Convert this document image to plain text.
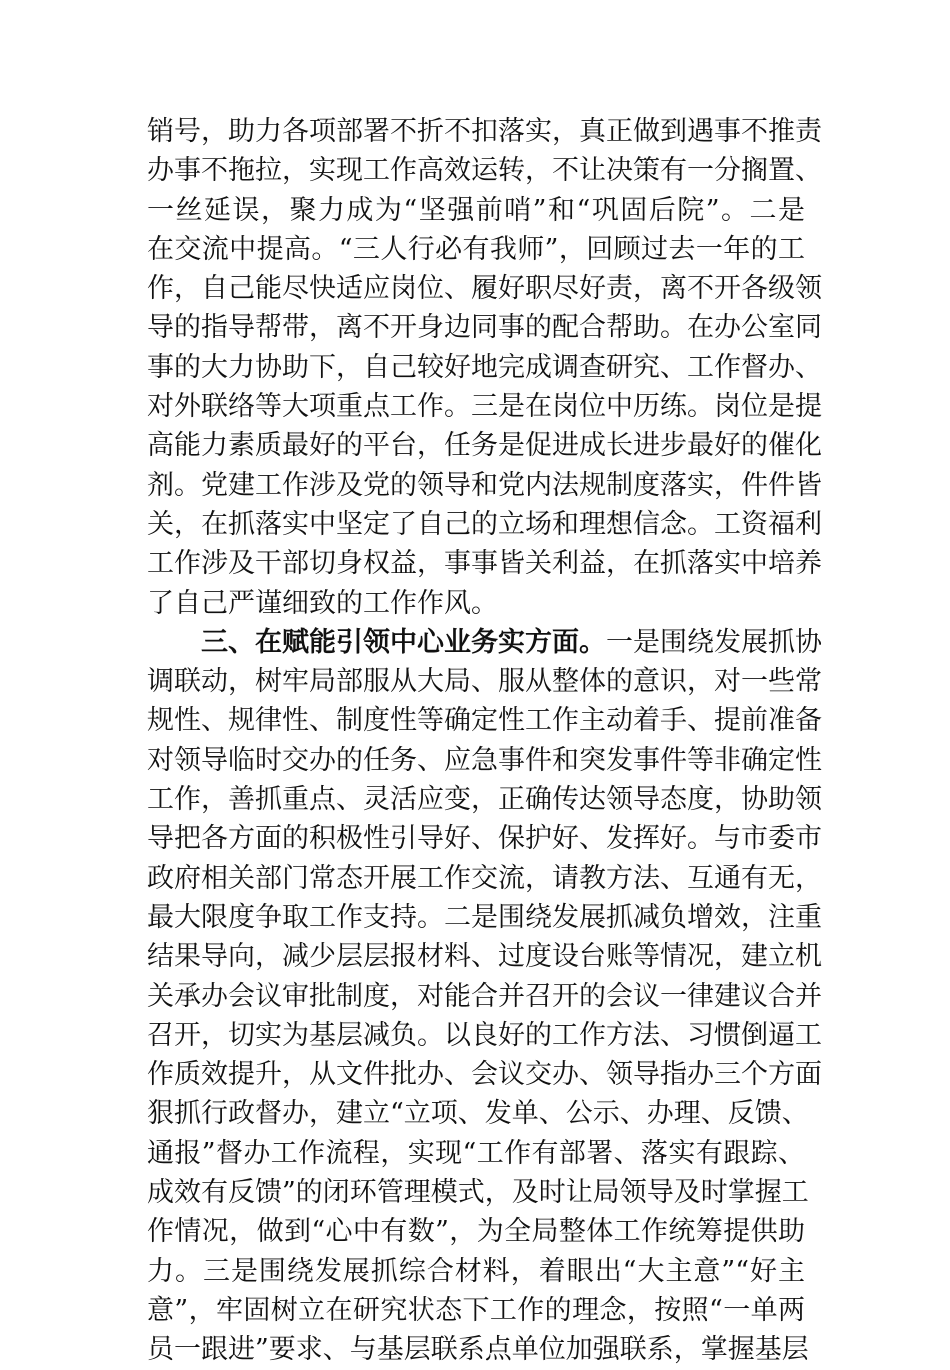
销号，助力各项部署不折不扣落实，真正做到遇事不推责
办事不拖拉，实现工作高效运转，不让决策有一分搁置、
一丝延误，聚力成为“坚强前哨”和“巩固后院”。二是
在交流中提高。“三人行必有我师”，回顾过去一年的工
作，自己能尽快适应岗位、履好职尽好责，离不开各级领
导的指导帮带，离不开身边同事的配合帮助。在办公室同
事的大力协助下，自己较好地完成调查研究、工作督办、
对外联络等大项重点工作。三是在岗位中历练。岗位是提
高能力素质最好的平台，任务是促进成长进步最好的催化
剂。党建工作涉及党的领导和党内法规制度落实，件件皆
关，在抓落实中坚定了自己的立场和理想信念。工资福利
工作涉及干部切身权益，事事皆关利益，在抓落实中培养
了自己严谨细致的工作作风。
三、在赋能引领中心业务实方面。一是围绕发展抓协
调联动，树牢局部服从大局、服从整体的意识，对一些常
规性、规律性、制度性等确定性工作主动着手、提前准备
对领导临时交办的任务、应急事件和突发事件等非确定性
工作，善抓重点、灵活应变，正确传达领导态度，协助领
导把各方面的积极性引导好、保护好、发挥好。与市委市
政府相关部门常态开展工作交流，请教方法、互通有无，
最大限度争取工作支持。二是围绕发展抓减负增效，注重
结果导向，减少层层报材料、过度设台账等情况，建立机
关承办会议审批制度，对能合并召开的会议一律建议合并
召开，切实为基层减负。以良好的工作方法、习惯倒逼工
作质效提升，从文件批办、会议交办、领导指办三个方面
狠抓行政督办，建立“立项、发单、公示、办理、反馈、
通报”督办工作流程，实现“工作有部署、落实有跟踪、
成效有反馈”的闭环管理模式，及时让局领导及时掌握工
作情况，做到“心中有数”，为全局整体工作统筹提供助
力。三是围绕发展抓综合材料，着眼出“大主意”“好主
意”，牢固树立在研究状态下工作的理念，按照“一单两
员一跟进”要求、与基层联系点单位加强联系，掌握基层
